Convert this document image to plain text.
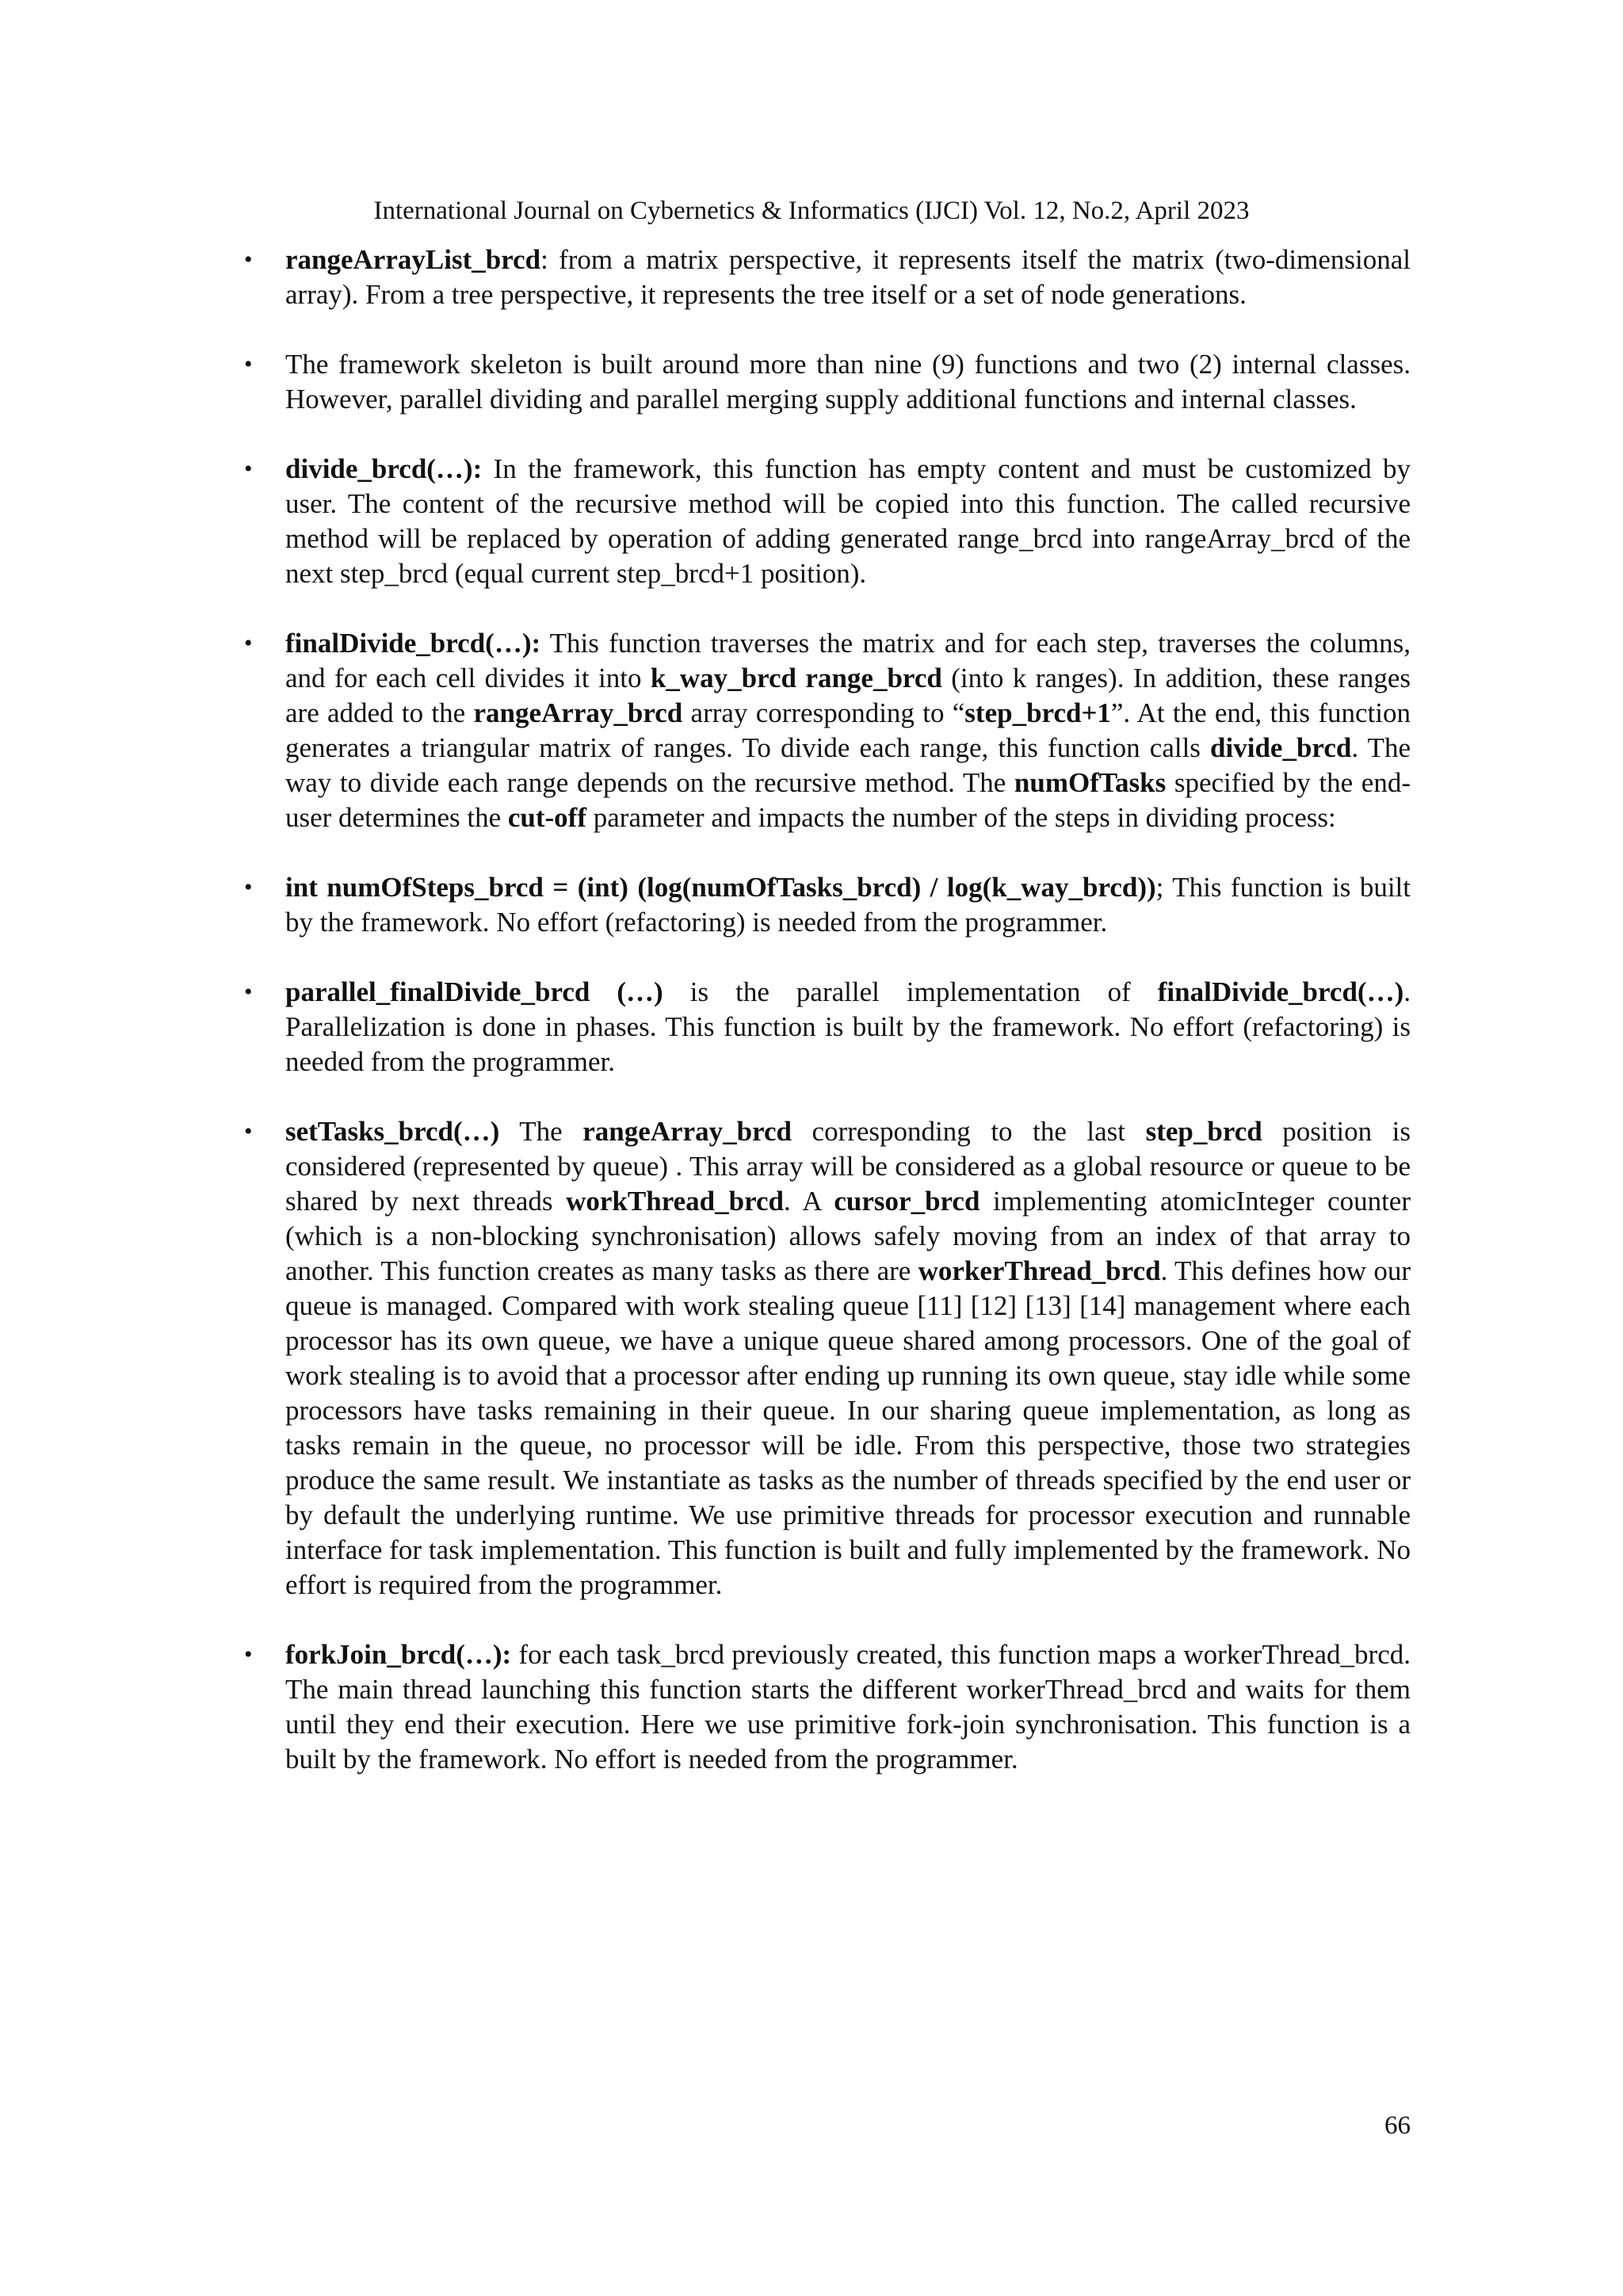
International Journal on Cybernetics & Informatics (IJCI) Vol. 12, No.2, April 2023
• rangeArrayList_brcd: from a matrix perspective, it represents itself the matrix (two-dimensional array). From a tree perspective, it represents the tree itself or a set of node generations.
• The framework skeleton is built around more than nine (9) functions and two (2) internal classes. However, parallel dividing and parallel merging supply additional functions and internal classes.
• divide_brcd(…): In the framework, this function has empty content and must be customized by user. The content of the recursive method will be copied into this function. The called recursive method will be replaced by operation of adding generated range_brcd into rangeArray_brcd of the next step_brcd (equal current step_brcd+1 position).
• finalDivide_brcd(…): This function traverses the matrix and for each step, traverses the columns, and for each cell divides it into k_way_brcd range_brcd (into k ranges). In addition, these ranges are added to the rangeArray_brcd array corresponding to “step_brcd+1”. At the end, this function generates a triangular matrix of ranges. To divide each range, this function calls divide_brcd. The way to divide each range depends on the recursive method. The numOfTasks specified by the end-user determines the cut-off parameter and impacts the number of the steps in dividing process:
• int numOfSteps_brcd = (int) (log(numOfTasks_brcd) / log(k_way_brcd)); This function is built by the framework. No effort (refactoring) is needed from the programmer.
• parallel_finalDivide_brcd (…) is the parallel implementation of finalDivide_brcd(…). Parallelization is done in phases. This function is built by the framework. No effort (refactoring) is needed from the programmer.
• setTasks_brcd(…) The rangeArray_brcd corresponding to the last step_brcd position is considered (represented by queue) . This array will be considered as a global resource or queue to be shared by next threads workThread_brcd. A cursor_brcd implementing atomicInteger counter (which is a non-blocking synchronisation) allows safely moving from an index of that array to another. This function creates as many tasks as there are workerThread_brcd. This defines how our queue is managed. Compared with work stealing queue [11] [12] [13] [14] management where each processor has its own queue, we have a unique queue shared among processors. One of the goal of work stealing is to avoid that a processor after ending up running its own queue, stay idle while some processors have tasks remaining in their queue. In our sharing queue implementation, as long as tasks remain in the queue, no processor will be idle. From this perspective, those two strategies produce the same result. We instantiate as tasks as the number of threads specified by the end user or by default the underlying runtime. We use primitive threads for processor execution and runnable interface for task implementation. This function is built and fully implemented by the framework. No effort is required from the programmer.
• forkJoin_brcd(…): for each task_brcd previously created, this function maps a workerThread_brcd. The main thread launching this function starts the different workerThread_brcd and waits for them until they end their execution. Here we use primitive fork-join synchronisation. This function is a built by the framework. No effort is needed from the programmer.
66
